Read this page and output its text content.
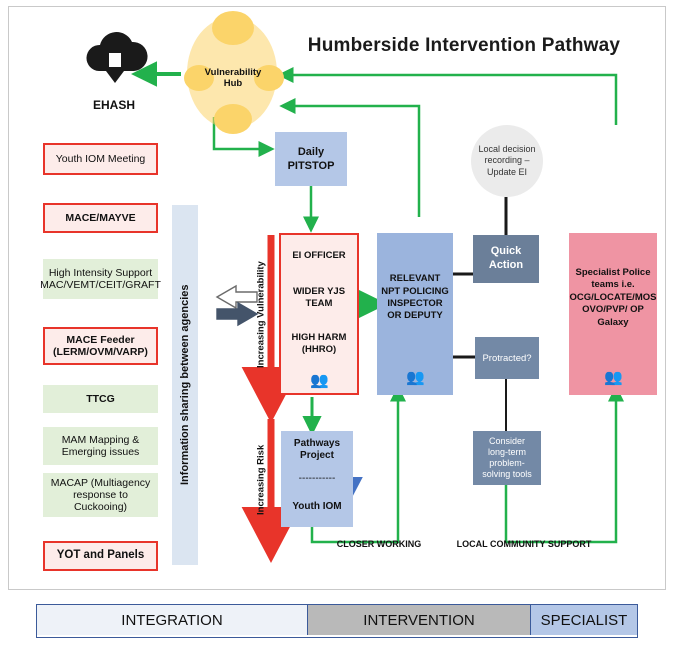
Humberside Intervention Pathway
EHASH
Vulnerability Hub
Youth IOM Meeting
MACE/MAYVE
High Intensity Support MAC/VEMT/CEIT/GRAFT
MACE Feeder (LERM/OVM/VARP)
TTCG
MAM Mapping & Emerging issues
MACAP (Multiagency response to Cuckooing)
YOT and Panels
Information sharing between agencies	Increasing Vulnerability
Increasing Risk
Daily PITSTOP
Local decision recording – Update EI
EI OFFICER
WIDER YJS TEAM
HIGH HARM (HHRO)
👥
RELEVANT NPT POLICING INSPECTOR OR DEPUTY
👥
Quick Action
Protracted?
Consider long-term problem-solving tools
Specialist Police teams i.e. OCG/LOCATE/MOS OVO/PVP/ OP Galaxy
👥
Pathways Project
-----------
Youth IOM
CLOSER WORKING	LOCAL COMMUNITY SUPPORT
INTEGRATION	INTERVENTION	SPECIALIST
